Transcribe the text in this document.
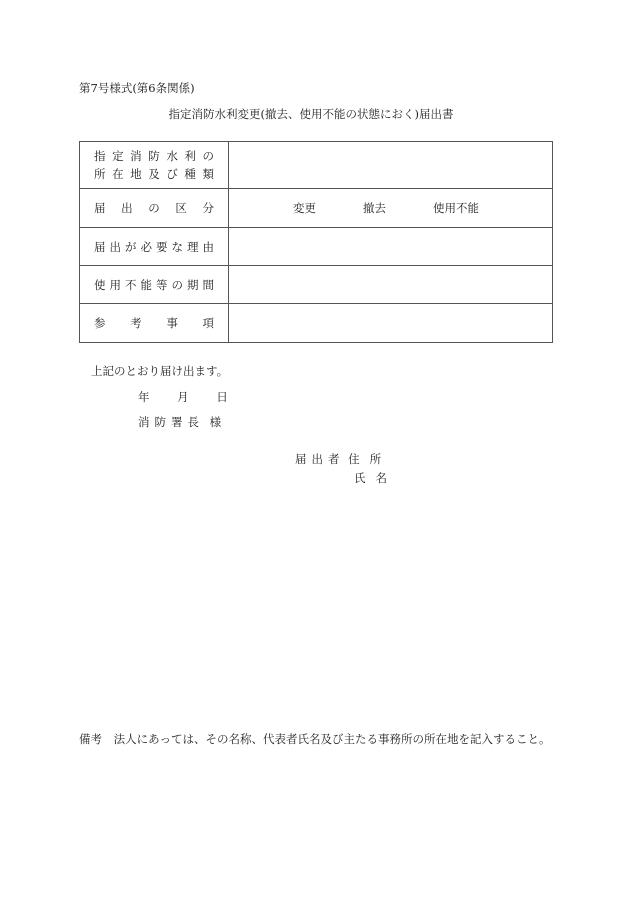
第7号様式(第6条関係)
指定消防水利変更(撤去、使用不能の状態におく)届出書
指定消防水利の
所在地及び種類	

届出の区分	変更 撤去 使用不能

届出が必要な理由	

使用不能等の期間	

参考事項	

上記のとおり届け出ます。
年 月 日
消防署長 様
届出者 住所
氏名
備考 法人にあっては、その名称、代表者氏名及び主たる事務所の所在地を記入すること。
